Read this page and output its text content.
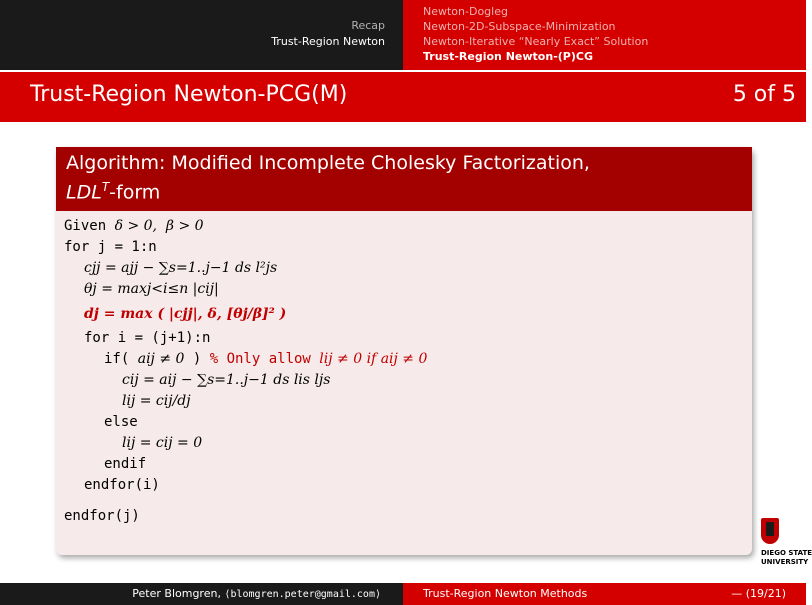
Recap
Trust-Region Newton
Newton-Dogleg
Newton-2D-Subspace-Minimization
Newton-Iterative “Nearly Exact” Solution
Trust-Region Newton-(P)CG
Trust-Region Newton-PCG(M)	5 of 5
Algorithm: Modified Incomplete Cholesky Factorization,
$LDL^T$-form
Given δ > 0,  β > 0
for j = 1:n
cjj = ajj − ∑s=1..j−1 ds l²js
θj = maxj<i≤n |cij|
dj = max ( |cjj|, δ, [θj/β]² )
for i = (j+1):n
if( aij ≠ 0 ) % Only allow lij ≠ 0 if aij ≠ 0
cij = aij − ∑s=1..j−1 ds lis ljs
lij = cij/dj
else
lij = cij = 0
endif
endfor(i)
endfor(j)
DIEGO STATE
UNIVERSITY
Peter Blomgren, ⟨blomgren.peter@gmail.com⟩	Trust-Region Newton Methods	— (19/21)
